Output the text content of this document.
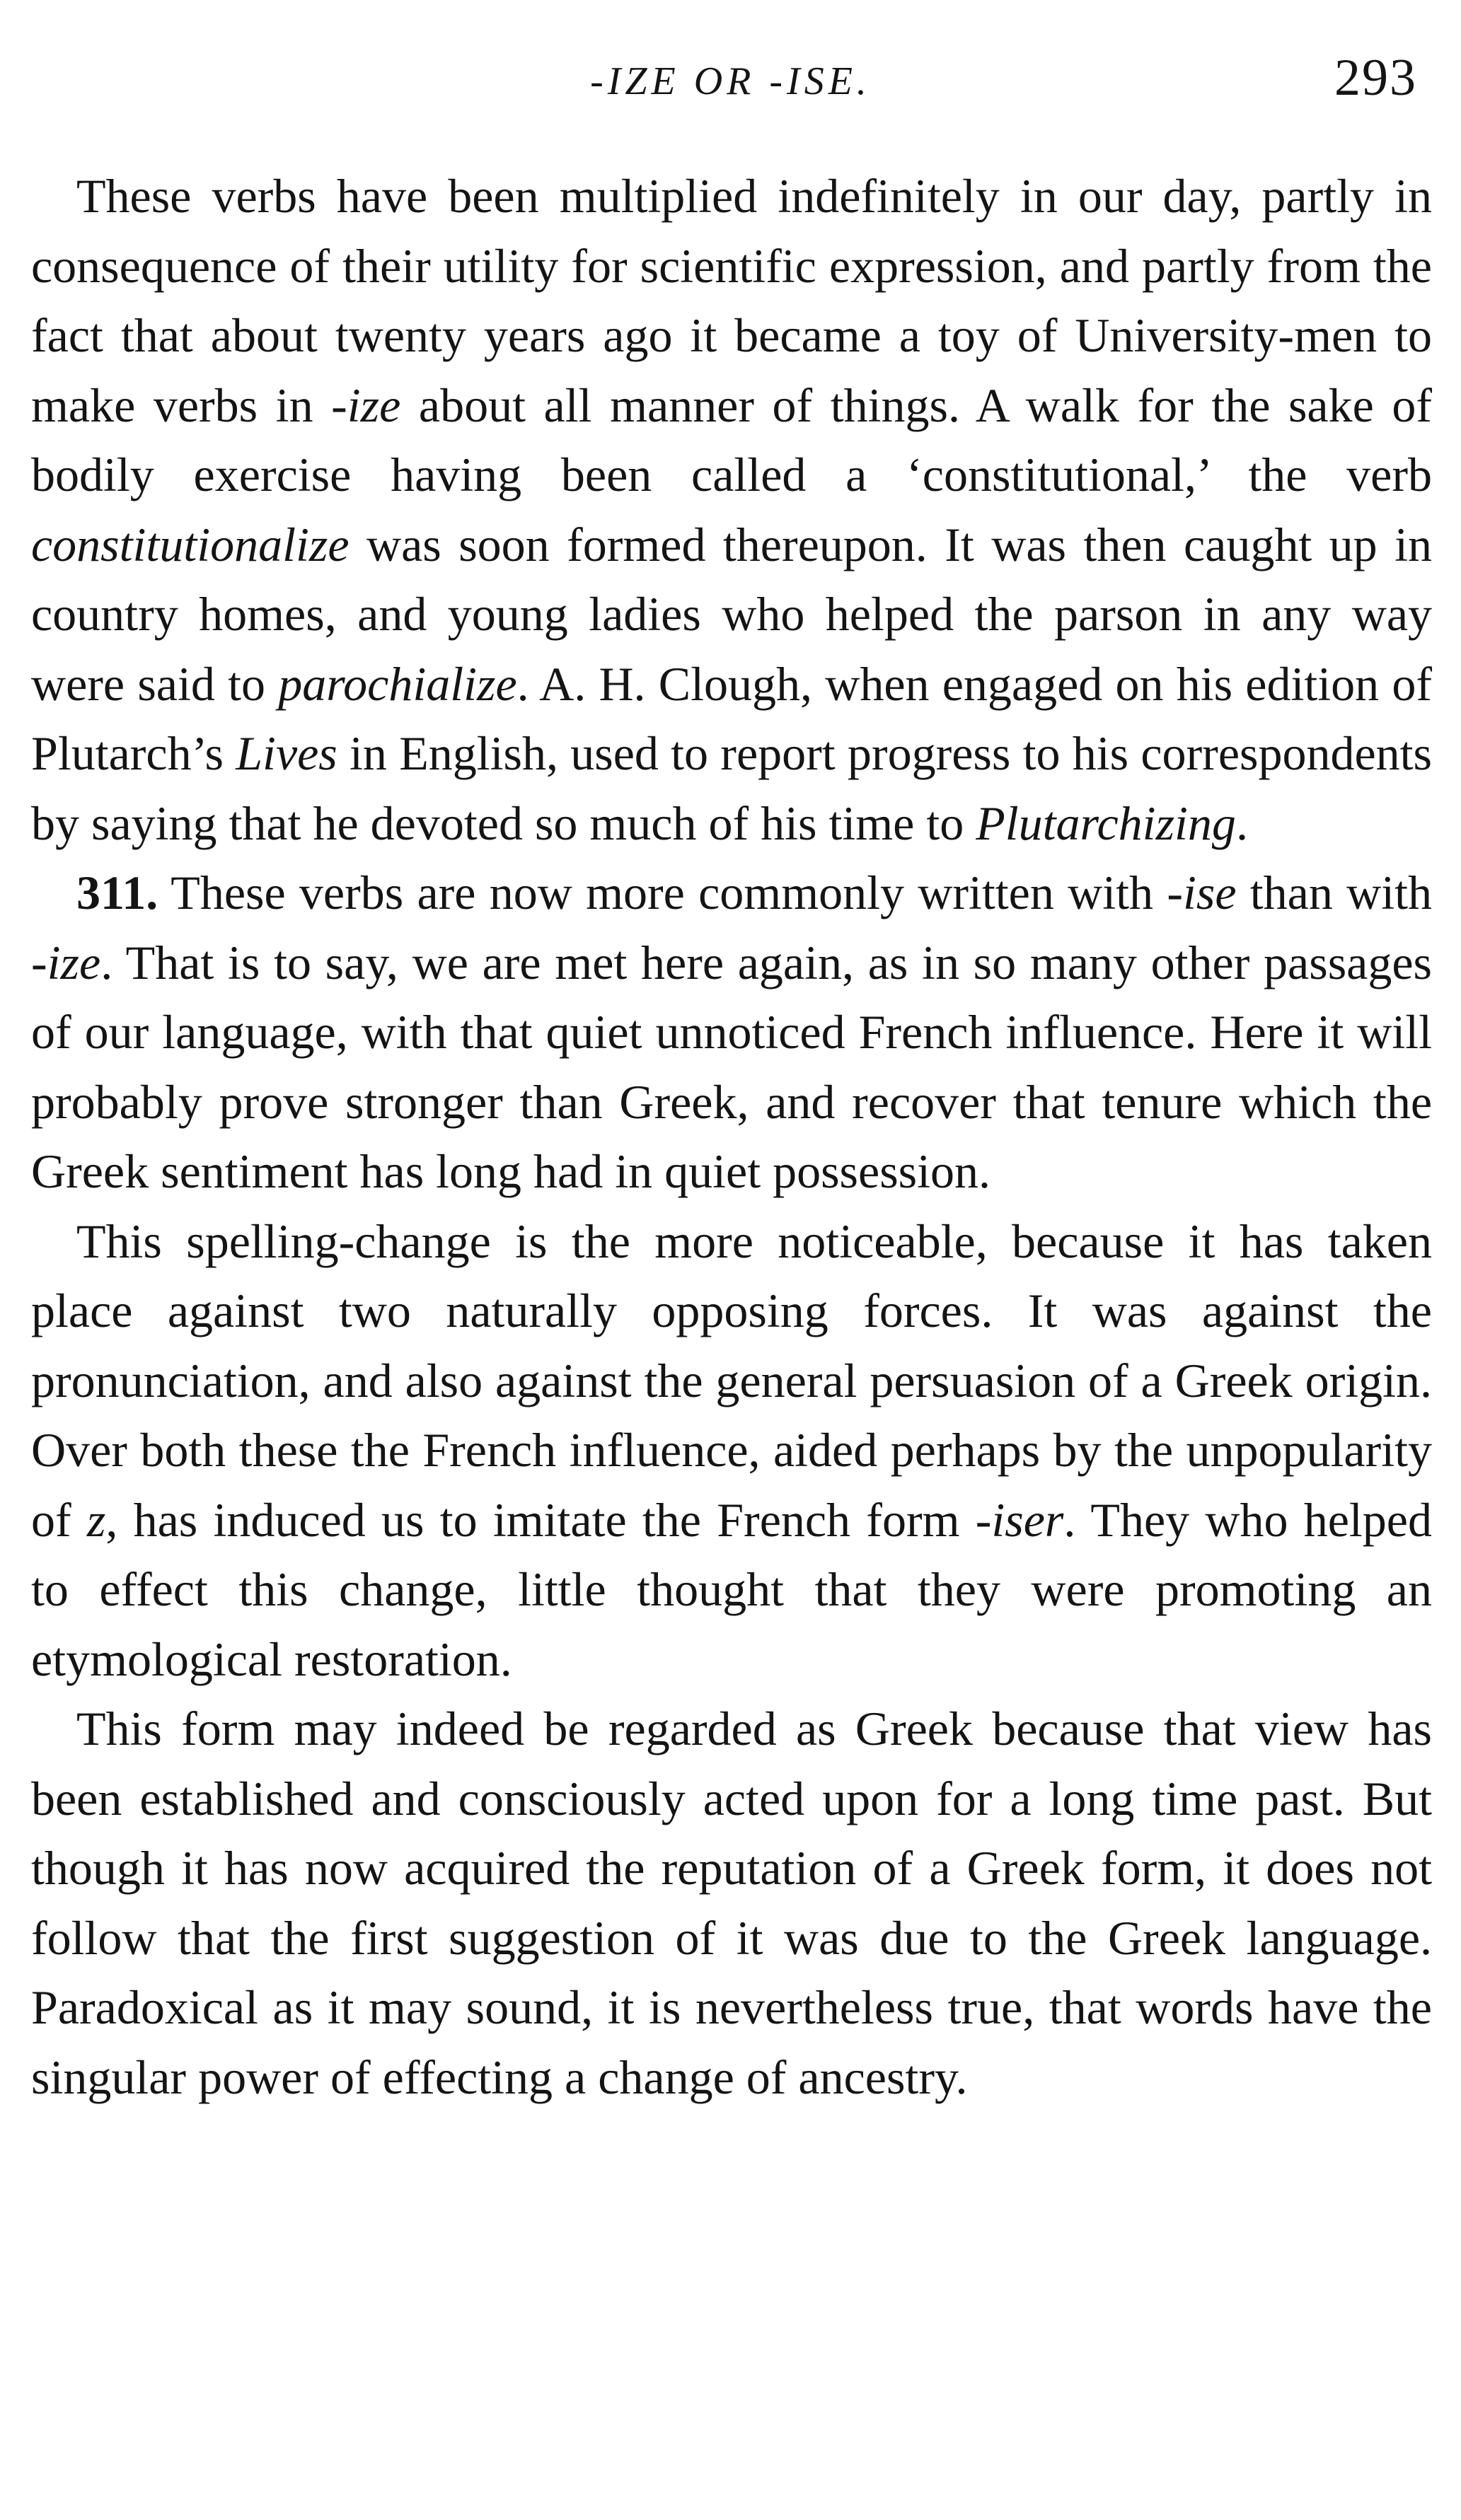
-IZE OR -ISE.	293

These verbs have been multiplied indefinitely in our day, partly in consequence of their utility for scientific expression, and partly from the fact that about twenty years ago it became a toy of University-men to make verbs in -ize about all manner of things. A walk for the sake of bodily exercise having been called a ‘constitutional,’ the verb constitutionalize was soon formed thereupon. It was then caught up in country homes, and young ladies who helped the parson in any way were said to parochialize. A. H. Clough, when engaged on his edition of Plutarch’s Lives in English, used to report progress to his correspondents by saying that he devoted so much of his time to Plutarchizing.

311. These verbs are now more commonly written with -ise than with -ize. That is to say, we are met here again, as in so many other passages of our language, with that quiet unnoticed French influence. Here it will probably prove stronger than Greek, and recover that tenure which the Greek sentiment has long had in quiet possession.

This spelling-change is the more noticeable, because it has taken place against two naturally opposing forces. It was against the pronunciation, and also against the general persuasion of a Greek origin. Over both these the French influence, aided perhaps by the unpopularity of z, has induced us to imitate the French form -iser. They who helped to effect this change, little thought that they were promoting an etymological restoration.

This form may indeed be regarded as Greek because that view has been established and consciously acted upon for a long time past. But though it has now acquired the reputation of a Greek form, it does not follow that the first suggestion of it was due to the Greek language. Paradoxical as it may sound, it is nevertheless true, that words have the singular power of effecting a change of ancestry.
